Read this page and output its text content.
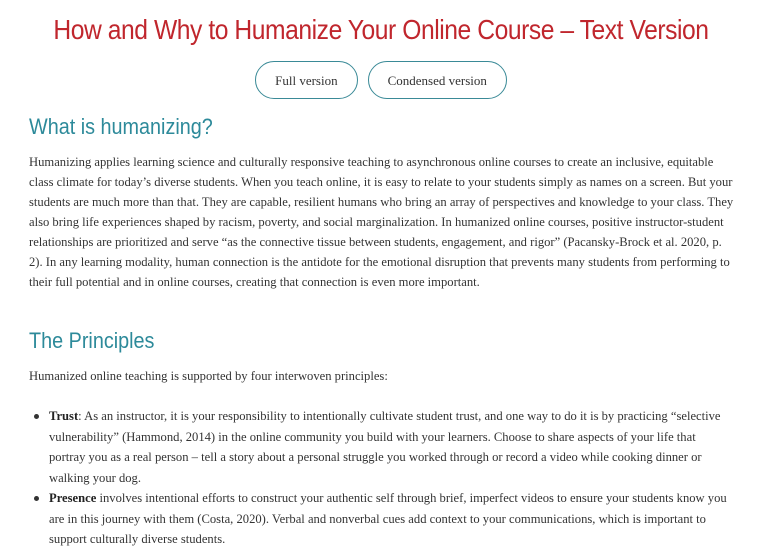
How and Why to Humanize Your Online Course – Text Version
Full version	Condensed version
What is humanizing?

Humanizing applies learning science and culturally responsive teaching to asynchronous online courses to create an inclusive, equitable class climate for today’s diverse students. When you teach online, it is easy to relate to your students simply as names on a screen. But your students are much more than that. They are capable, resilient humans who bring an array of perspectives and knowledge to your class. They also bring life experiences shaped by racism, poverty, and social marginalization. In humanized online courses, positive instructor-student relationships are prioritized and serve “as the connective tissue between students, engagement, and rigor” (Pacansky-Brock et al. 2020, p. 2). In any learning modality, human connection is the antidote for the emotional disruption that prevents many students from performing to their full potential and in online courses, creating that connection is even more important.

The Principles

Humanized online teaching is supported by four interwoven principles:

Trust: As an instructor, it is your responsibility to intentionally cultivate student trust, and one way to do it is by practicing “selective vulnerability” (Hammond, 2014) in the online community you build with your learners. Choose to share aspects of your life that portray you as a real person – tell a story about a personal struggle you worked through or record a video while cooking dinner or walking your dog.
Presence involves intentional efforts to construct your authentic self through brief, imperfect videos to ensure your students know you are in this journey with them (Costa, 2020). Verbal and nonverbal cues add context to your communications, which is important to support culturally diverse students.
